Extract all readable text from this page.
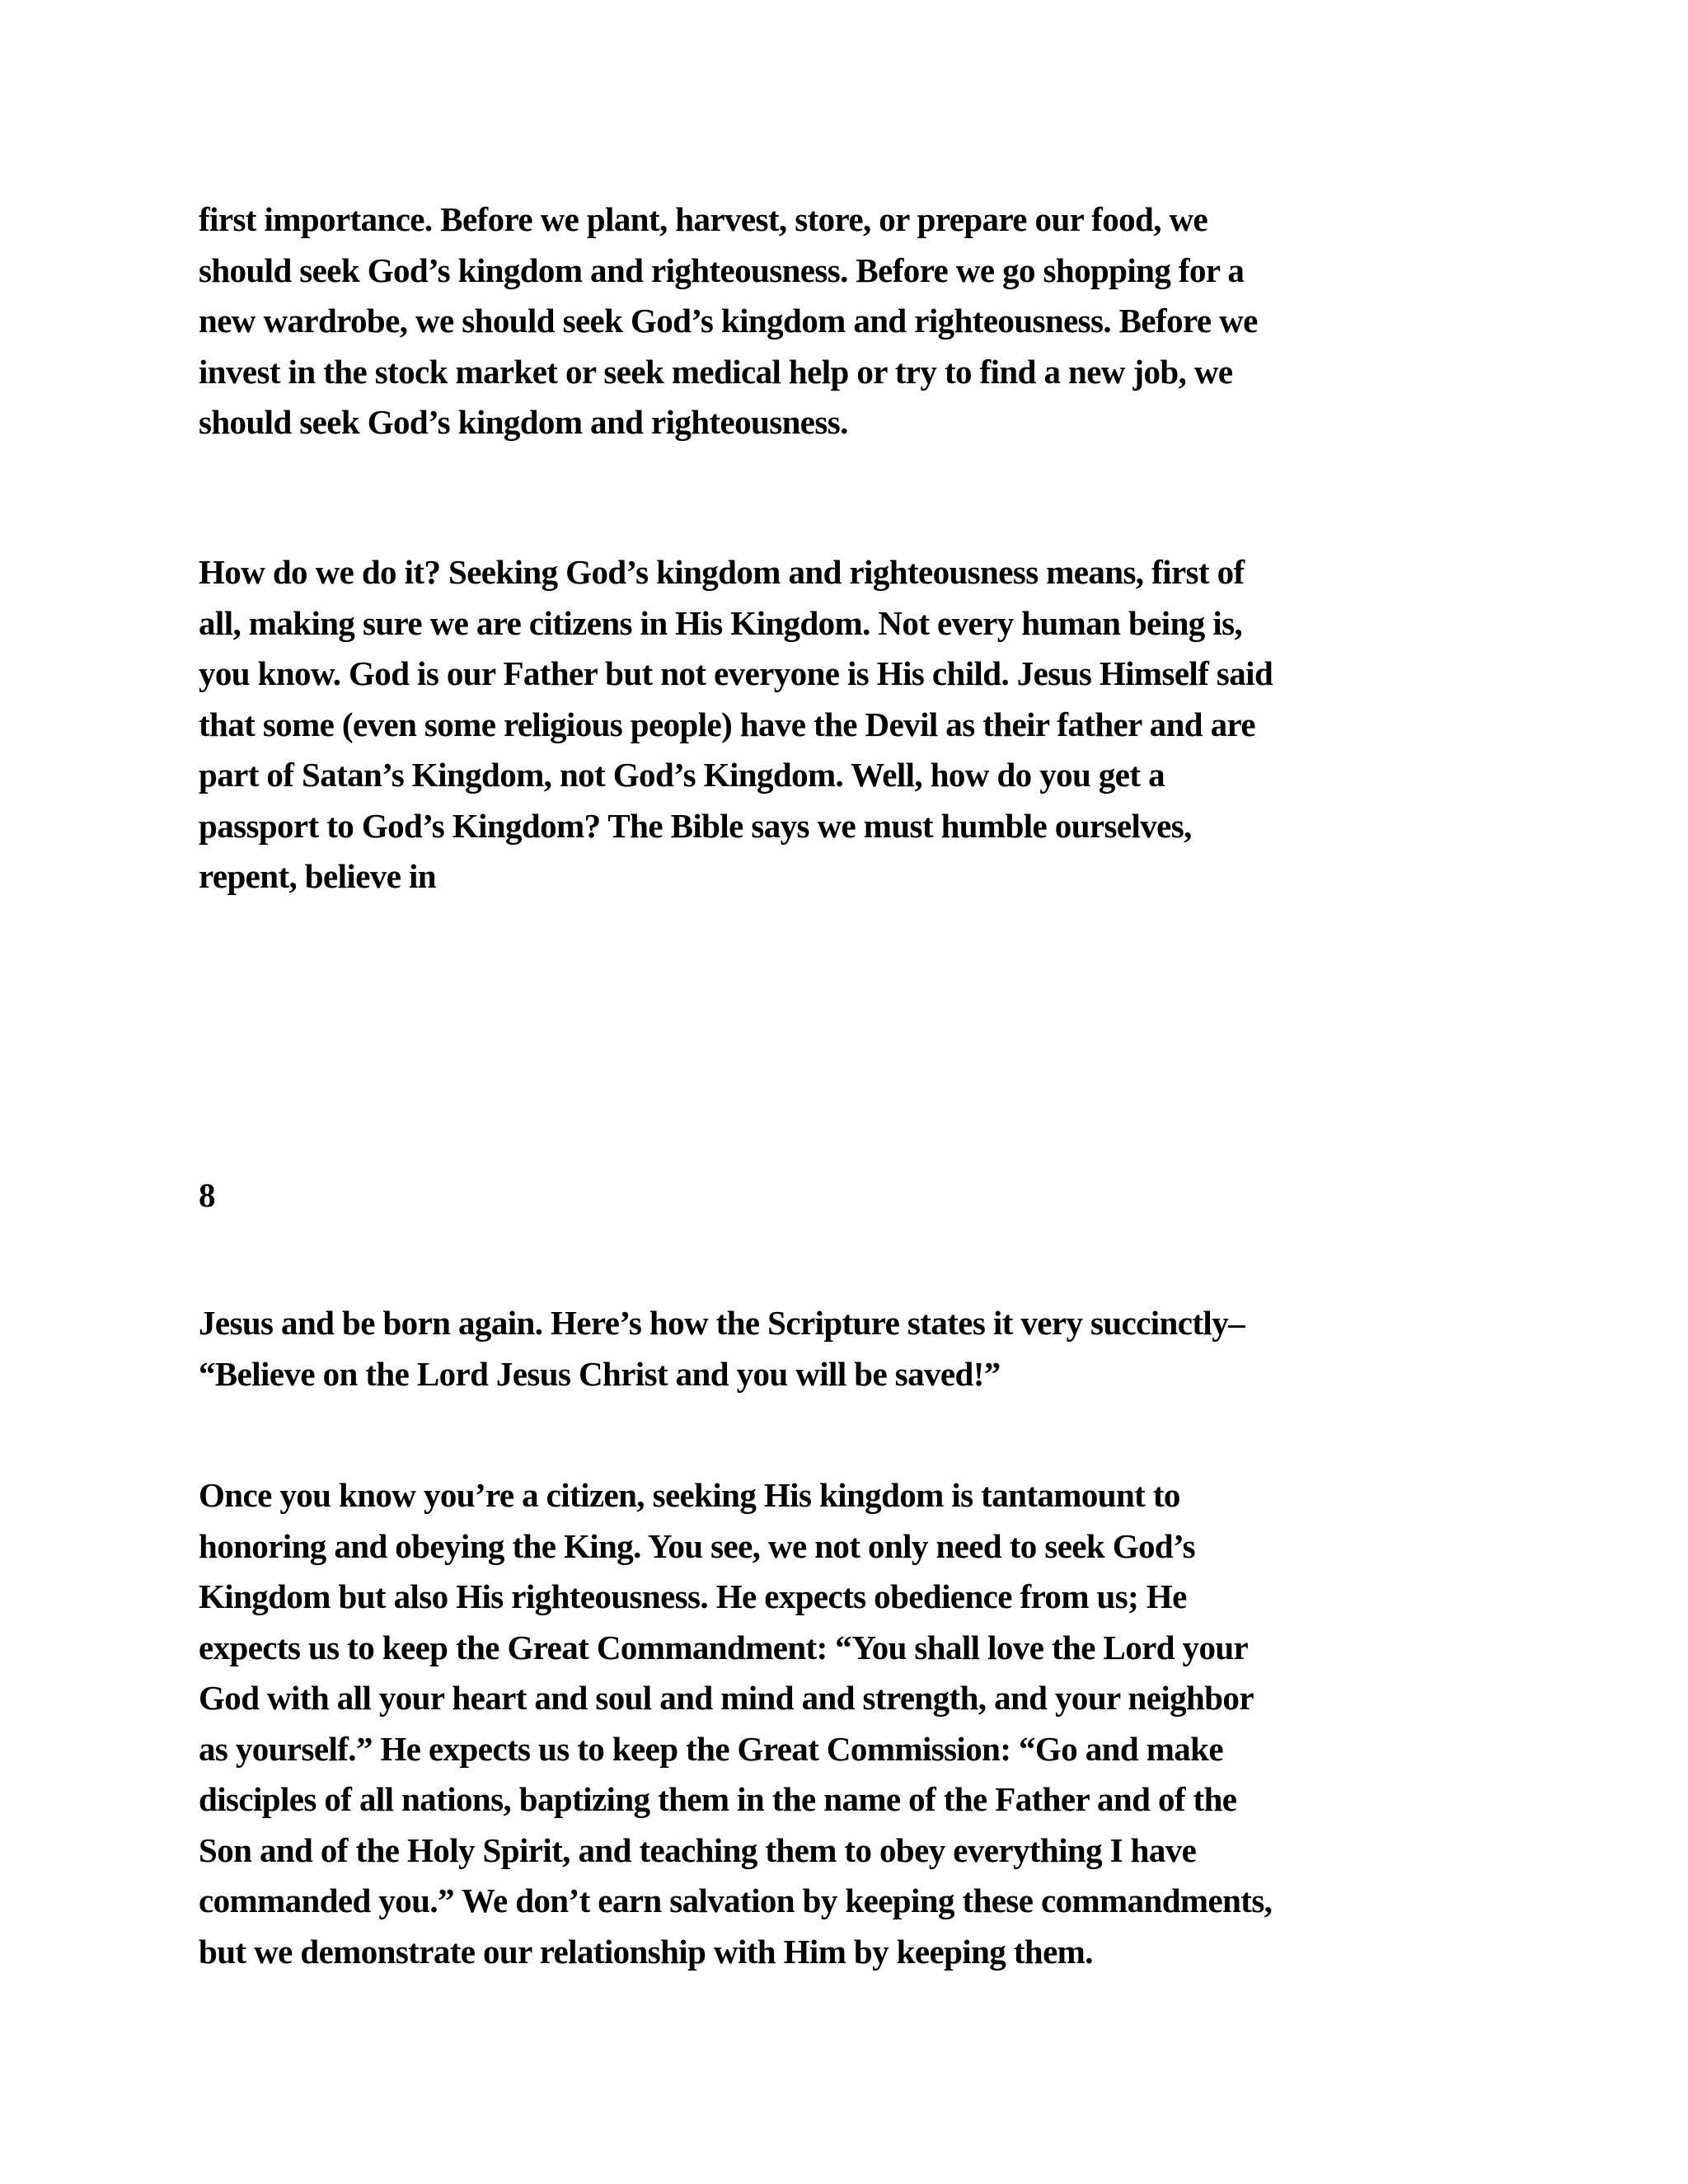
first importance. Before we plant, harvest, store, or prepare our food, we
should seek God’s kingdom and righteousness. Before we go shopping for a
new wardrobe, we should seek God’s kingdom and righteousness. Before we
invest in the stock market or seek medical help or try to find a new job, we
should seek God’s kingdom and righteousness.

How do we do it? Seeking God’s kingdom and righteousness means, first of
all, making sure we are citizens in His Kingdom. Not every human being is,
you know. God is our Father but not everyone is His child. Jesus Himself said
that some (even some religious people) have the Devil as their father and are
part of Satan’s Kingdom, not God’s Kingdom. Well, how do you get a
passport to God’s Kingdom? The Bible says we must humble ourselves,
repent, believe in

8

Jesus and be born again. Here’s how the Scripture states it very succinctly–
“Believe on the Lord Jesus Christ and you will be saved!”

Once you know you’re a citizen, seeking His kingdom is tantamount to
honoring and obeying the King. You see, we not only need to seek God’s
Kingdom but also His righteousness. He expects obedience from us; He
expects us to keep the Great Commandment: “You shall love the Lord your
God with all your heart and soul and mind and strength, and your neighbor
as yourself.” He expects us to keep the Great Commission: “Go and make
disciples of all nations, baptizing them in the name of the Father and of the
Son and of the Holy Spirit, and teaching them to obey everything I have
commanded you.” We don’t earn salvation by keeping these commandments,
but we demonstrate our relationship with Him by keeping them.
